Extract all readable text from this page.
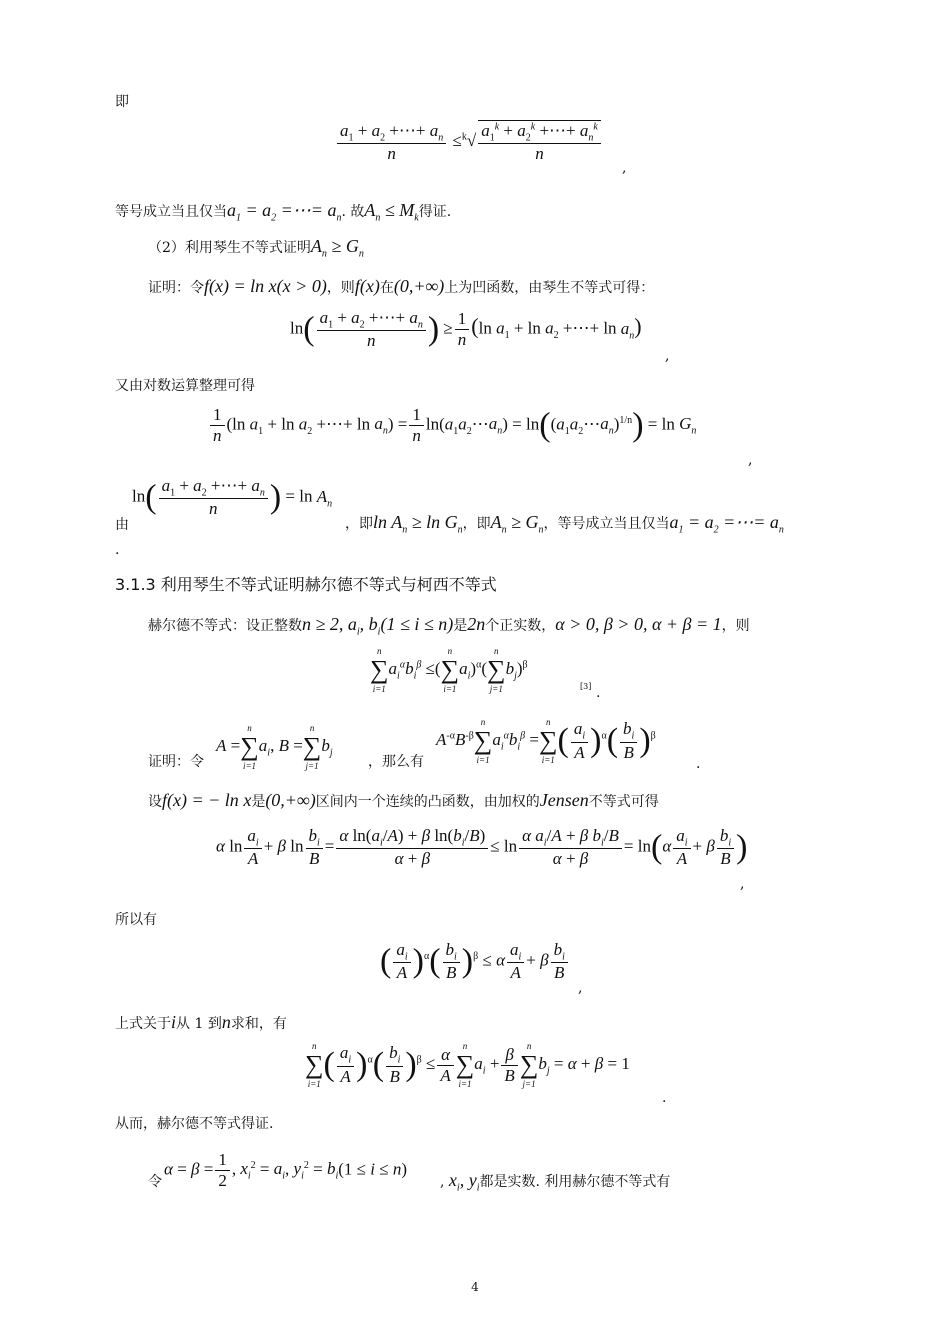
即
$\frac{a_1 + a_2 +\cdots+ a_n}{n} \le^k√ \frac{a_1^k + a_2^k +\cdots+ a_n^k}{n}$
,
等号成立当且仅当$a_1 = a_2$ =⋯= $a_n$. 故$A_n \le M_k$得证.
（2）利用琴生不等式证明$A_n \ge G_n$
证明：令f(x) = ln x(x > 0)，则f(x)在(0,+∞)上为凹函数，由琴生不等式可得：
$\ln( \frac{a_1 + a_2 +\cdots+ a_n}{n}$ ) ≥ $\frac{1}{n} (\ln$ $a_1 + \ln a_2$ +⋯+ $\ln a_n$)
,
又由对数运算整理可得
$\frac{1}{n} (\ln$ $a_1 + \ln a_2$ +⋯+ $\ln a_n) = \frac{1}{n}$ $\ln(a_1a_2\cdots a_n)$ = $\ln((a_1a_2\cdots a_n)^{1/n}) = \ln G_n$
,
由
$\ln( \frac{a_1 + a_2 +\cdots+ a_n}{n}$ ) = $\ln A_n$
，即$\ln A_n \ge \ln G_n$，即$A_n \ge G_n$，等号成立当且仅当$a_1 = a_2$ =⋯= $a_n$
.
3.1.3 利用琴生不等式证明赫尔德不等式与柯西不等式
赫尔德不等式：设正整数n ≥ 2, $a_i$, $b_i(1 \le i \le n)$是2n个正实数，α > 0, β > 0, α + β = 1，则
n
∑
i=1
$a_i^\alpha b_i^\beta$ ≤(
n
∑
i=1
$a_i)^\alpha$(
n
∑
j=1
$b_j)^\beta$
[3] .
证明：令
A =
n
∑
i=1
$a_i$, B =
n
∑
j=1
$b_j$
，那么有
$A^{-\alpha}B^{-\beta}$
n
∑
i=1
$a_i^\alpha b_i^\beta$ =
n
∑
i=1
( $\frac{a_i}{A} )^\alpha( \frac{b_i}{B} )^\beta$
.
设f(x) = − ln x是(0,+∞)区间内一个连续的凸函数，由加权的Jensen不等式可得
α $\ln \frac{a_i}{A} + \beta$ $\ln \frac{b_i}{B} = \frac{\alpha \ln(a_i/A) + \beta \ln(b_i/B)}{\alpha + \beta} \le \ln \frac{\alpha a_i/A + \beta b_i/B}{\alpha + \beta} = \ln(\alpha \frac{a_i}{A} + \beta \frac{b_i}{B}$ )
,
所以有
( $\frac{a_i}{A} )^\alpha( \frac{b_i}{B} )^\beta \le \alpha \frac{a_i}{A} + \beta \frac{b_i}{B}$
,
上式关于i从 1 到n求和，有
n
∑
i=1
( $\frac{a_i}{A} )^\alpha( \frac{b_i}{B} )^\beta \le \frac{\alpha}{A}$	n
∑
i=1
$a_i + \frac{\beta}{B}$	n
∑
j=1
$b_j = \alpha + \beta = 1$
.
从而，赫尔德不等式得证.
令
$\alpha = \beta = \frac{1}{2}$ , $x_i^2 = a_i$, $y_i^2 = b_i(1 \le i \le n)$
, $x_i$, $y_i$都是实数. 利用赫尔德不等式有
4
